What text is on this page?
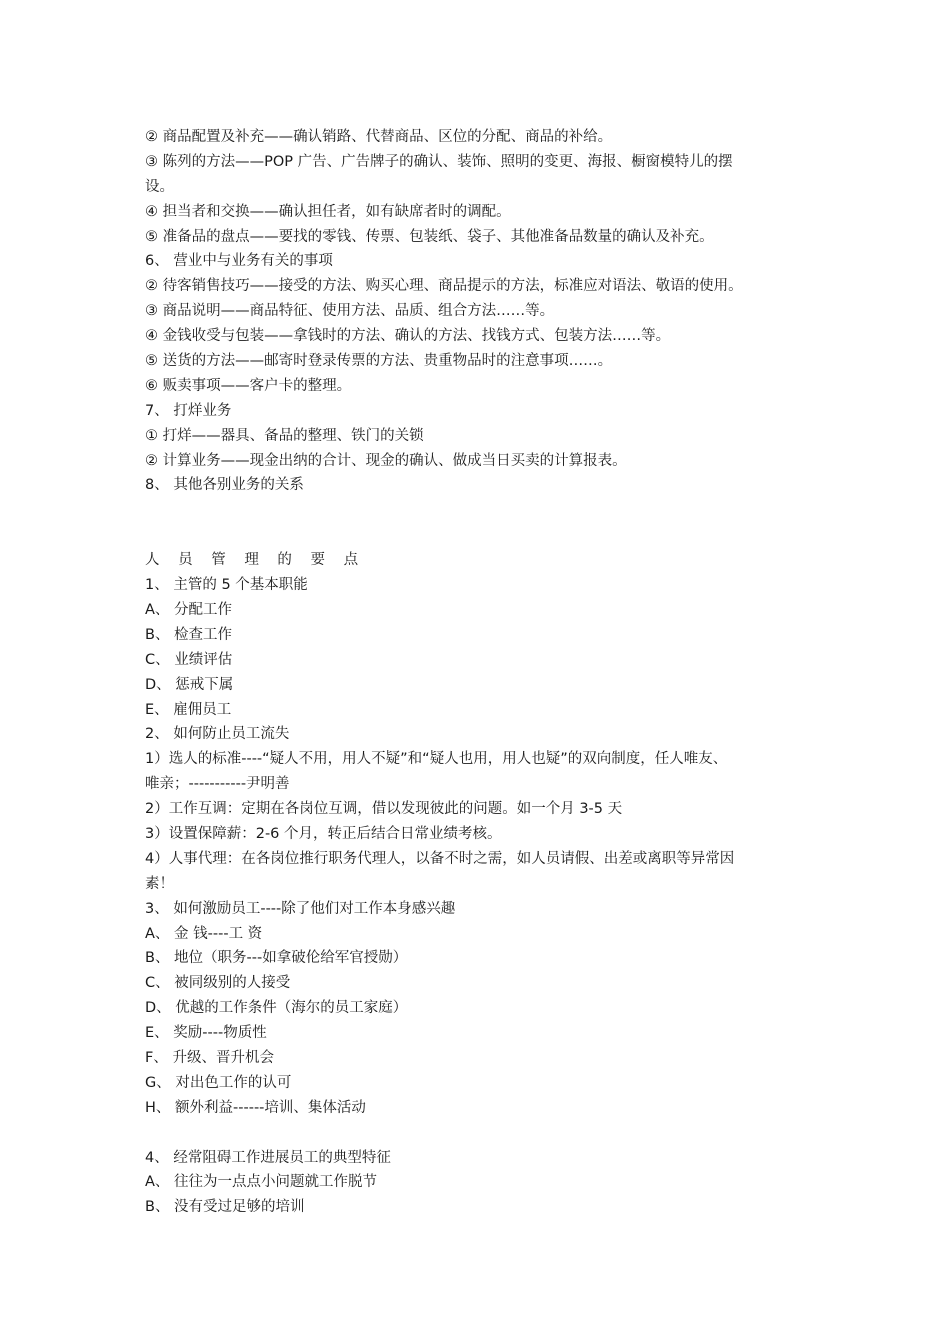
② 商品配置及补充——确认销路、代替商品、区位的分配、商品的补给。
③ 陈列的方法——POP 广告、广告牌子的确认、装饰、照明的变更、海报、橱窗模特儿的摆
设。
④ 担当者和交换——确认担任者，如有缺席者时的调配。
⑤ 准备品的盘点——要找的零钱、传票、包装纸、袋子、其他准备品数量的确认及补充。
6、 营业中与业务有关的事项
② 待客销售技巧——接受的方法、购买心理、商品提示的方法，标准应对语法、敬语的使用。
③ 商品说明——商品特征、使用方法、品质、组合方法……等。
④ 金钱收受与包装——拿钱时的方法、确认的方法、找钱方式、包装方法……等。
⑤ 送货的方法——邮寄时登录传票的方法、贵重物品时的注意事项……。
⑥ 贩卖事项——客户卡的整理。
7、 打烊业务
① 打烊——器具、备品的整理、铁门的关锁
② 计算业务——现金出纳的合计、现金的确认、做成当日买卖的计算报表。
8、 其他各别业务的关系
人 员 管 理 的 要 点
1、 主管的 5 个基本职能
A、 分配工作
B、 检查工作
C、 业绩评估
D、 惩戒下属
E、 雇佣员工
2、 如何防止员工流失
1）选人的标准----“疑人不用，用人不疑”和“疑人也用，用人也疑”的双向制度，任人唯友、
唯亲；-----------尹明善
2）工作互调：定期在各岗位互调，借以发现彼此的问题。如一个月 3-5 天
3）设置保障薪：2-6 个月，转正后结合日常业绩考核。
4）人事代理：在各岗位推行职务代理人，以备不时之需，如人员请假、出差或离职等异常因
素！
3、 如何激励员工----除了他们对工作本身感兴趣
A、 金 钱----工 资
B、 地位（职务---如拿破伦给军官授勋）
C、 被同级别的人接受
D、 优越的工作条件（海尔的员工家庭）
E、 奖励----物质性
F、 升级、晋升机会
G、 对出色工作的认可
H、 额外利益------培训、集体活动
4、 经常阻碍工作进展员工的典型特征
A、 往往为一点点小问题就工作脱节
B、 没有受过足够的培训
